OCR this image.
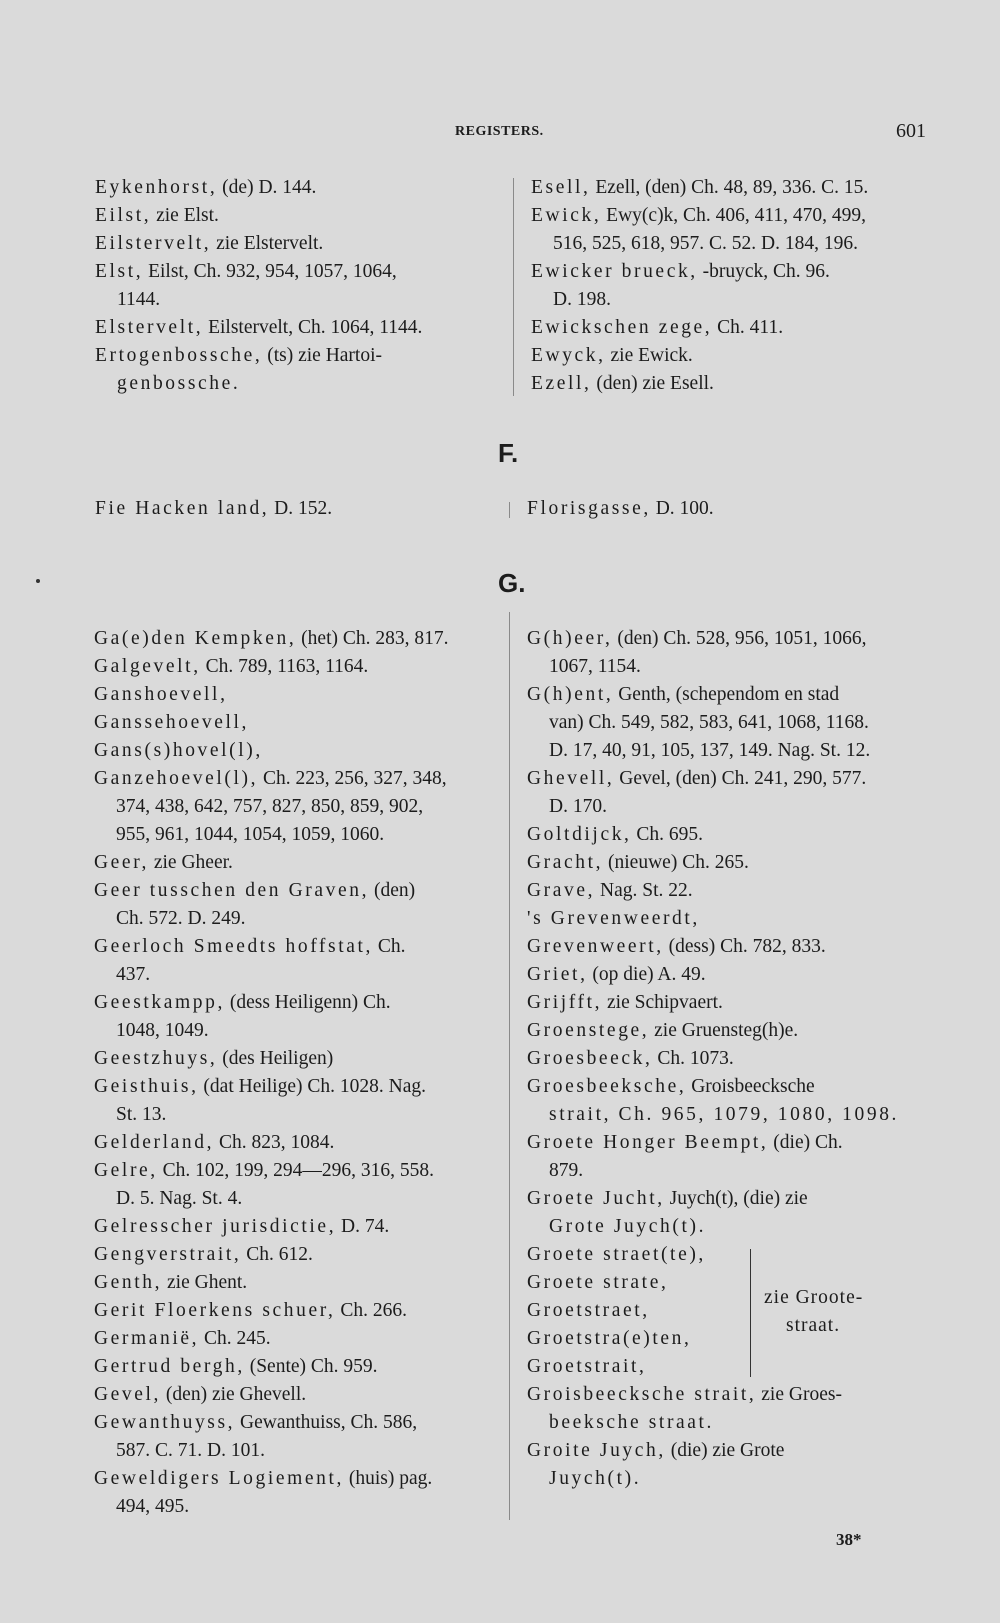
REGISTERS.	601
Eykenhorst, (de) D. 144.
Eilst, zie Elst.
Eilstervelt, zie Elstervelt.
Elst, Eilst, Ch. 932, 954, 1057, 1064,
1144.
Elstervelt, Eilstervelt, Ch. 1064, 1144.
Ertogenbossche, (ts) zie Hartoi-
genbossche.
Esell, Ezell, (den) Ch. 48, 89, 336. C. 15.
Ewick, Ewy(c)k, Ch. 406, 411, 470, 499,
516, 525, 618, 957. C. 52. D. 184, 196.
Ewicker brueck, -bruyck, Ch. 96.
D. 198.
Ewickschen zege, Ch. 411.
Ewyck, zie Ewick.
Ezell, (den) zie Esell.
F.
Fie Hacken land, D. 152.	Florisgasse, D. 100.
G.
Ga(e)den Kempken, (het) Ch. 283, 817.
Galgevelt, Ch. 789, 1163, 1164.
Ganshoevell,
Ganssehoevell,
Gans(s)hovel(l),
Ganzehoevel(l), Ch. 223, 256, 327, 348,
374, 438, 642, 757, 827, 850, 859, 902,
955, 961, 1044, 1054, 1059, 1060.
Geer, zie Gheer.
Geer tusschen den Graven, (den)
Ch. 572. D. 249.
Geerloch Smeedts hoffstat, Ch.
437.
Geestkampp, (dess Heiligenn) Ch.
1048, 1049.
Geestzhuys, (des Heiligen)
Geisthuis, (dat Heilige) Ch. 1028. Nag.
St. 13.
Gelderland, Ch. 823, 1084.
Gelre, Ch. 102, 199, 294—296, 316, 558.
D. 5. Nag. St. 4.
Gelresscher jurisdictie, D. 74.
Gengverstrait, Ch. 612.
Genth, zie Ghent.
Gerit Floerkens schuer, Ch. 266.
Germanië, Ch. 245.
Gertrud bergh, (Sente) Ch. 959.
Gevel, (den) zie Ghevell.
Gewanthuyss, Gewanthuiss, Ch. 586,
587. C. 71. D. 101.
Geweldigers Logiement, (huis) pag.
494, 495.
G(h)eer, (den) Ch. 528, 956, 1051, 1066,
1067, 1154.
G(h)ent, Genth, (schependom en stad
van) Ch. 549, 582, 583, 641, 1068, 1168.
D. 17, 40, 91, 105, 137, 149. Nag. St. 12.
Ghevell, Gevel, (den) Ch. 241, 290, 577.
D. 170.
Goltdijck, Ch. 695.
Gracht, (nieuwe) Ch. 265.
Grave, Nag. St. 22.
's Grevenweerdt,
Grevenweert, (dess) Ch. 782, 833.
Griet, (op die) A. 49.
Grijfft, zie Schipvaert.
Groenstege, zie Gruensteg(h)e.
Groesbeeck, Ch. 1073.
Groesbeeksche, Groisbeecksche
strait, Ch. 965, 1079, 1080, 1098.
Groete Honger Beempt, (die) Ch.
879.
Groete Jucht, Juych(t), (die) zie
Grote Juych(t).
Groete straet(te),
Groete strate,
Groetstraet,
Groetstra(e)ten,
Groetstrait,
Groisbeecksche strait, zie Groes-
beeksche straat.
Groite Juych, (die) zie Grote
Juych(t).
zie Groote-
straat.
38*
